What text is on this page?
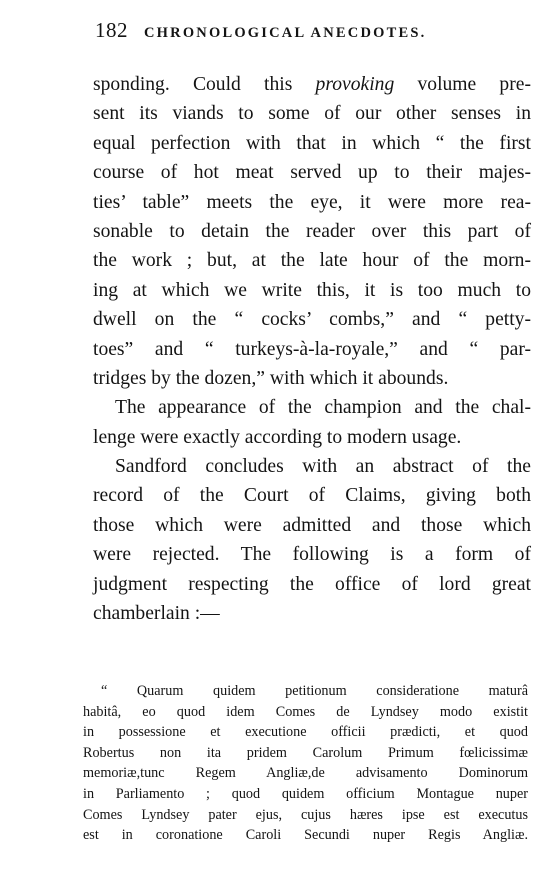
182 CHRONOLOGICAL ANECDOTES.
sponding. Could this provoking volume pre-
sent its viands to some of our other senses in
equal perfection with that in which “ the first
course of hot meat served up to their majes-
ties’ table” meets the eye, it were more rea-
sonable to detain the reader over this part of
the work ; but, at the late hour of the morn-
ing at which we write this, it is too much to
dwell on the “ cocks’ combs,” and “ petty-
toes” and “ turkeys-à-la-royale,” and “ par-
tridges by the dozen,” with which it abounds.
The appearance of the champion and the chal-
lenge were exactly according to modern usage.
Sandford concludes with an abstract of the
record of the Court of Claims, giving both
those which were admitted and those which
were rejected. The following is a form of
judgment respecting the office of lord great
chamberlain :—
“ Quarum quidem petitionum consideratione maturâ
habitâ, eo quod idem Comes de Lyndsey modo existit
in possessione et executione officii prædicti, et quod
Robertus non ita pridem Carolum Primum fœlicissimæ
memoriæ,tunc Regem Angliæ,de advisamento Dominorum
in Parliamento ; quod quidem officium Montague nuper
Comes Lyndsey pater ejus, cujus hæres ipse est executus
est in coronatione Caroli Secundi nuper Regis Angliæ.
